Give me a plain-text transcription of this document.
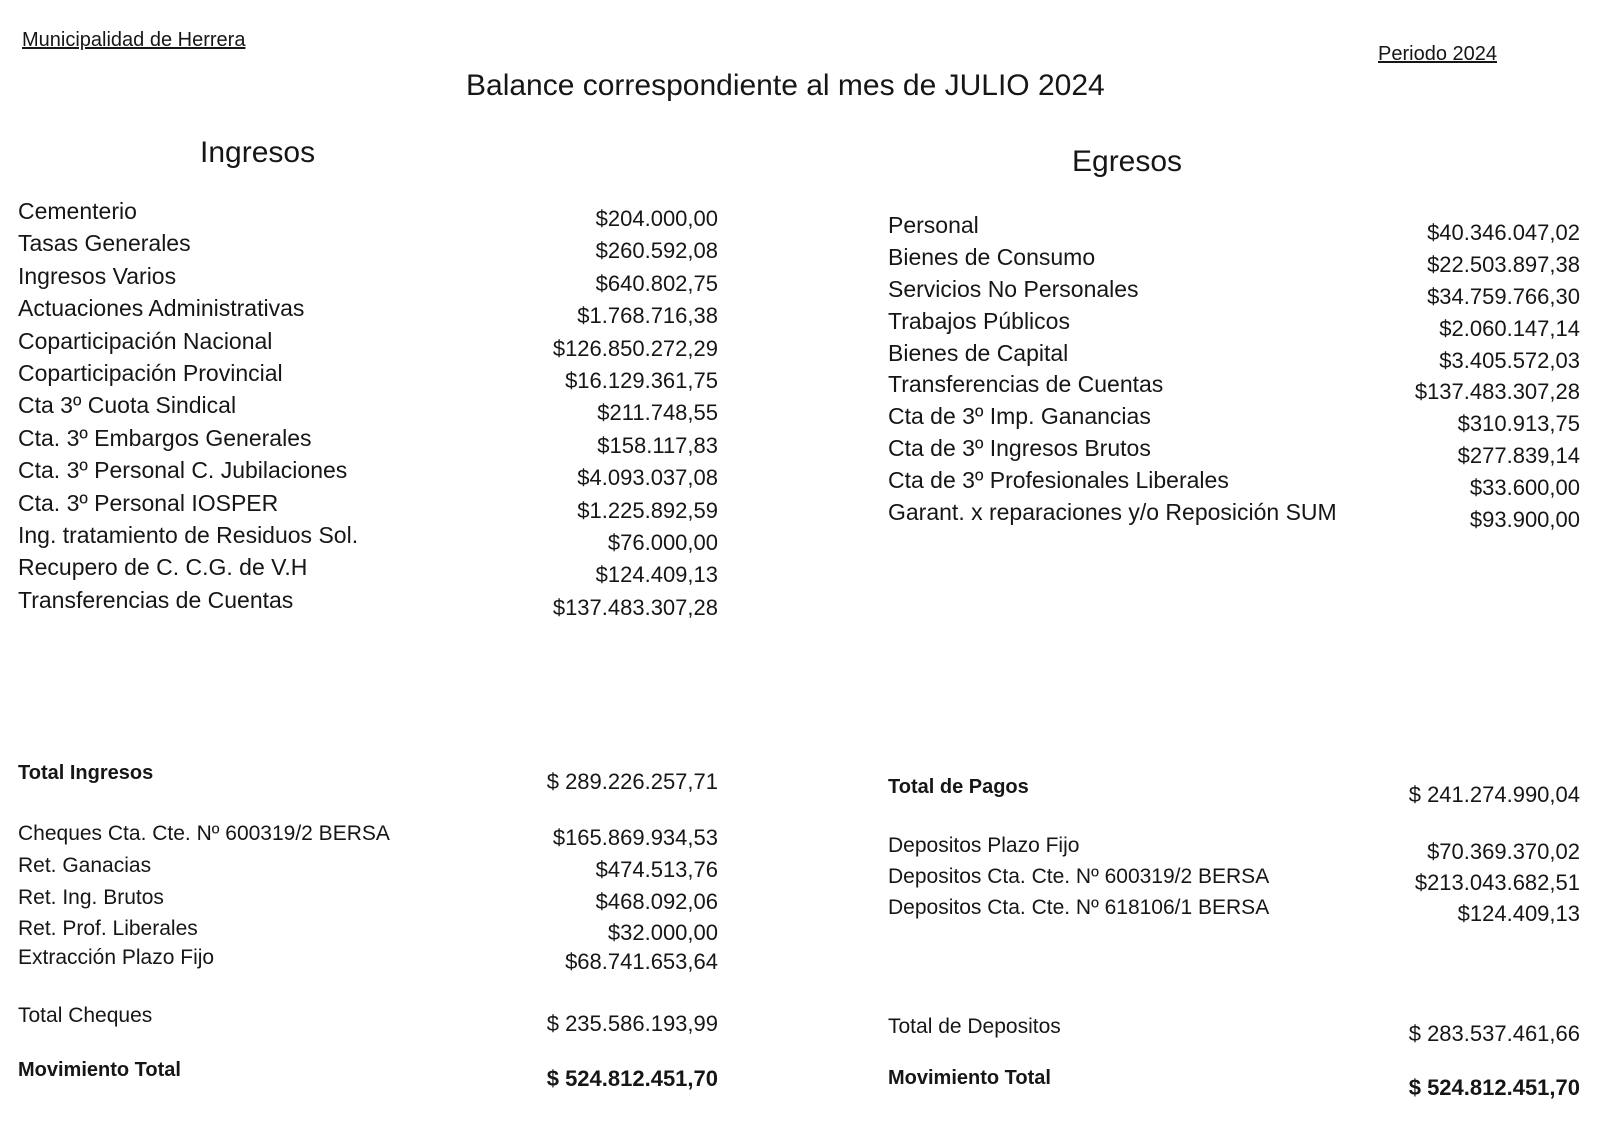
Municipalidad de Herrera
Periodo 2024
Balance correspondiente al mes de JULIO 2024
Ingresos	Egresos
Cementerio	$204.000,00
Tasas Generales	$260.592,08
Ingresos Varios	$640.802,75
Actuaciones Administrativas	$1.768.716,38
Coparticipación Nacional	$126.850.272,29
Coparticipación Provincial	$16.129.361,75
Cta 3º Cuota Sindical	$211.748,55
Cta. 3º Embargos Generales	$158.117,83
Cta. 3º Personal C. Jubilaciones	$4.093.037,08
Cta. 3º Personal IOSPER	$1.225.892,59
Ing. tratamiento de Residuos Sol.	$76.000,00
Recupero de C. C.G. de V.H	$124.409,13
Transferencias de Cuentas	$137.483.307,28
Personal	$40.346.047,02
Bienes de Consumo	$22.503.897,38
Servicios No Personales	$34.759.766,30
Trabajos Públicos	$2.060.147,14
Bienes de Capital	$3.405.572,03
Transferencias de Cuentas	$137.483.307,28
Cta de 3º Imp. Ganancias	$310.913,75
Cta de 3º Ingresos Brutos	$277.839,14
Cta de 3º Profesionales Liberales	$33.600,00
Garant. x reparaciones y/o Reposición SUM	$93.900,00
Total Ingresos	$ 289.226.257,71
Cheques Cta. Cte. Nº 600319/2 BERSA	$165.869.934,53
Ret. Ganacias	$474.513,76
Ret. Ing. Brutos	$468.092,06
Ret. Prof. Liberales	$32.000,00
Extracción Plazo Fijo	$68.741.653,64
Total Cheques	$ 235.586.193,99
Movimiento Total	$ 524.812.451,70
Total de Pagos	$ 241.274.990,04
Depositos Plazo Fijo	$70.369.370,02
Depositos Cta. Cte. Nº 600319/2 BERSA	$213.043.682,51
Depositos Cta. Cte. Nº 618106/1 BERSA	$124.409,13
Total de Depositos	$ 283.537.461,66
Movimiento Total	$ 524.812.451,70
